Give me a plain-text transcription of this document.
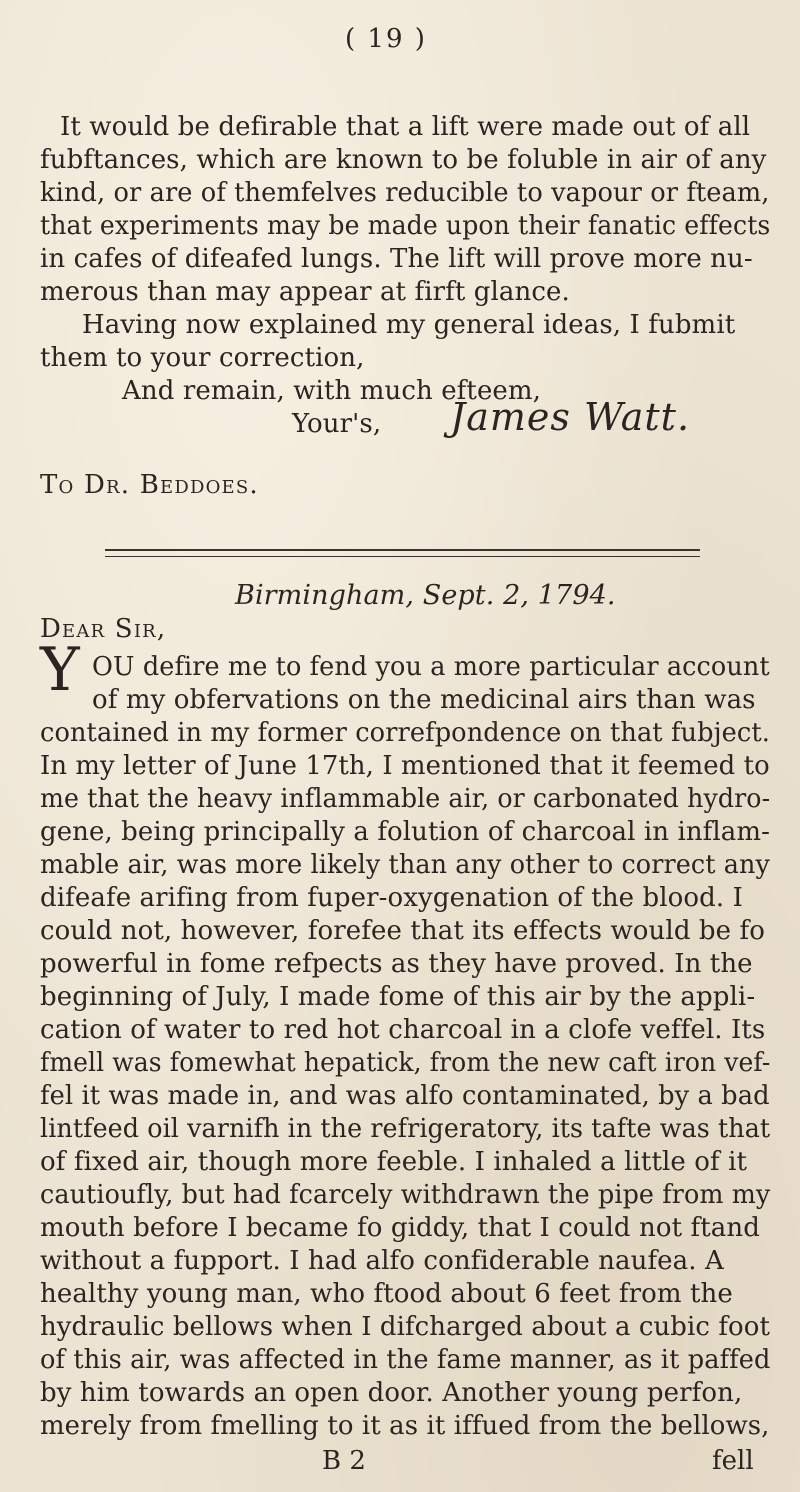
( 19 )
It would be defirable that a lift were made out of all
fubftances, which are known to be foluble in air of any
kind, or are of themfelves reducible to vapour or fteam,
that experiments may be made upon their fanatic effects
in cafes of difeafed lungs. The lift will prove more nu-
merous than may appear at firft glance.
Having now explained my general ideas, I fubmit
them to your correction,
And remain, with much efteem,
Your's, James Watt.
To Dr. Beddoes.
Birmingham, Sept. 2, 1794.
Dear Sir,
Y OU defire me to fend you a more particular account
of my obfervations on the medicinal airs than was
contained in my former correfpondence on that fubject.
In my letter of June 17th, I mentioned that it feemed to
me that the heavy inflammable air, or carbonated hydro-
gene, being principally a folution of charcoal in inflam-
mable air, was more likely than any other to correct any
difeafe arifing from fuper-oxygenation of the blood. I
could not, however, forefee that its effects would be fo
powerful in fome refpects as they have proved. In the
beginning of July, I made fome of this air by the appli-
cation of water to red hot charcoal in a clofe veffel. Its
fmell was fomewhat hepatick, from the new caft iron vef-
fel it was made in, and was alfo contaminated, by a bad
lintfeed oil varnifh in the refrigeratory, its tafte was that
of fixed air, though more feeble. I inhaled a little of it
cautioufly, but had fcarcely withdrawn the pipe from my
mouth before I became fo giddy, that I could not ftand
without a fupport. I had alfo confiderable naufea. A
healthy young man, who ftood about 6 feet from the
hydraulic bellows when I difcharged about a cubic foot
of this air, was affected in the fame manner, as it paffed
by him towards an open door. Another young perfon,
merely from fmelling to it as it iffued from the bellows,
B 2	fell
